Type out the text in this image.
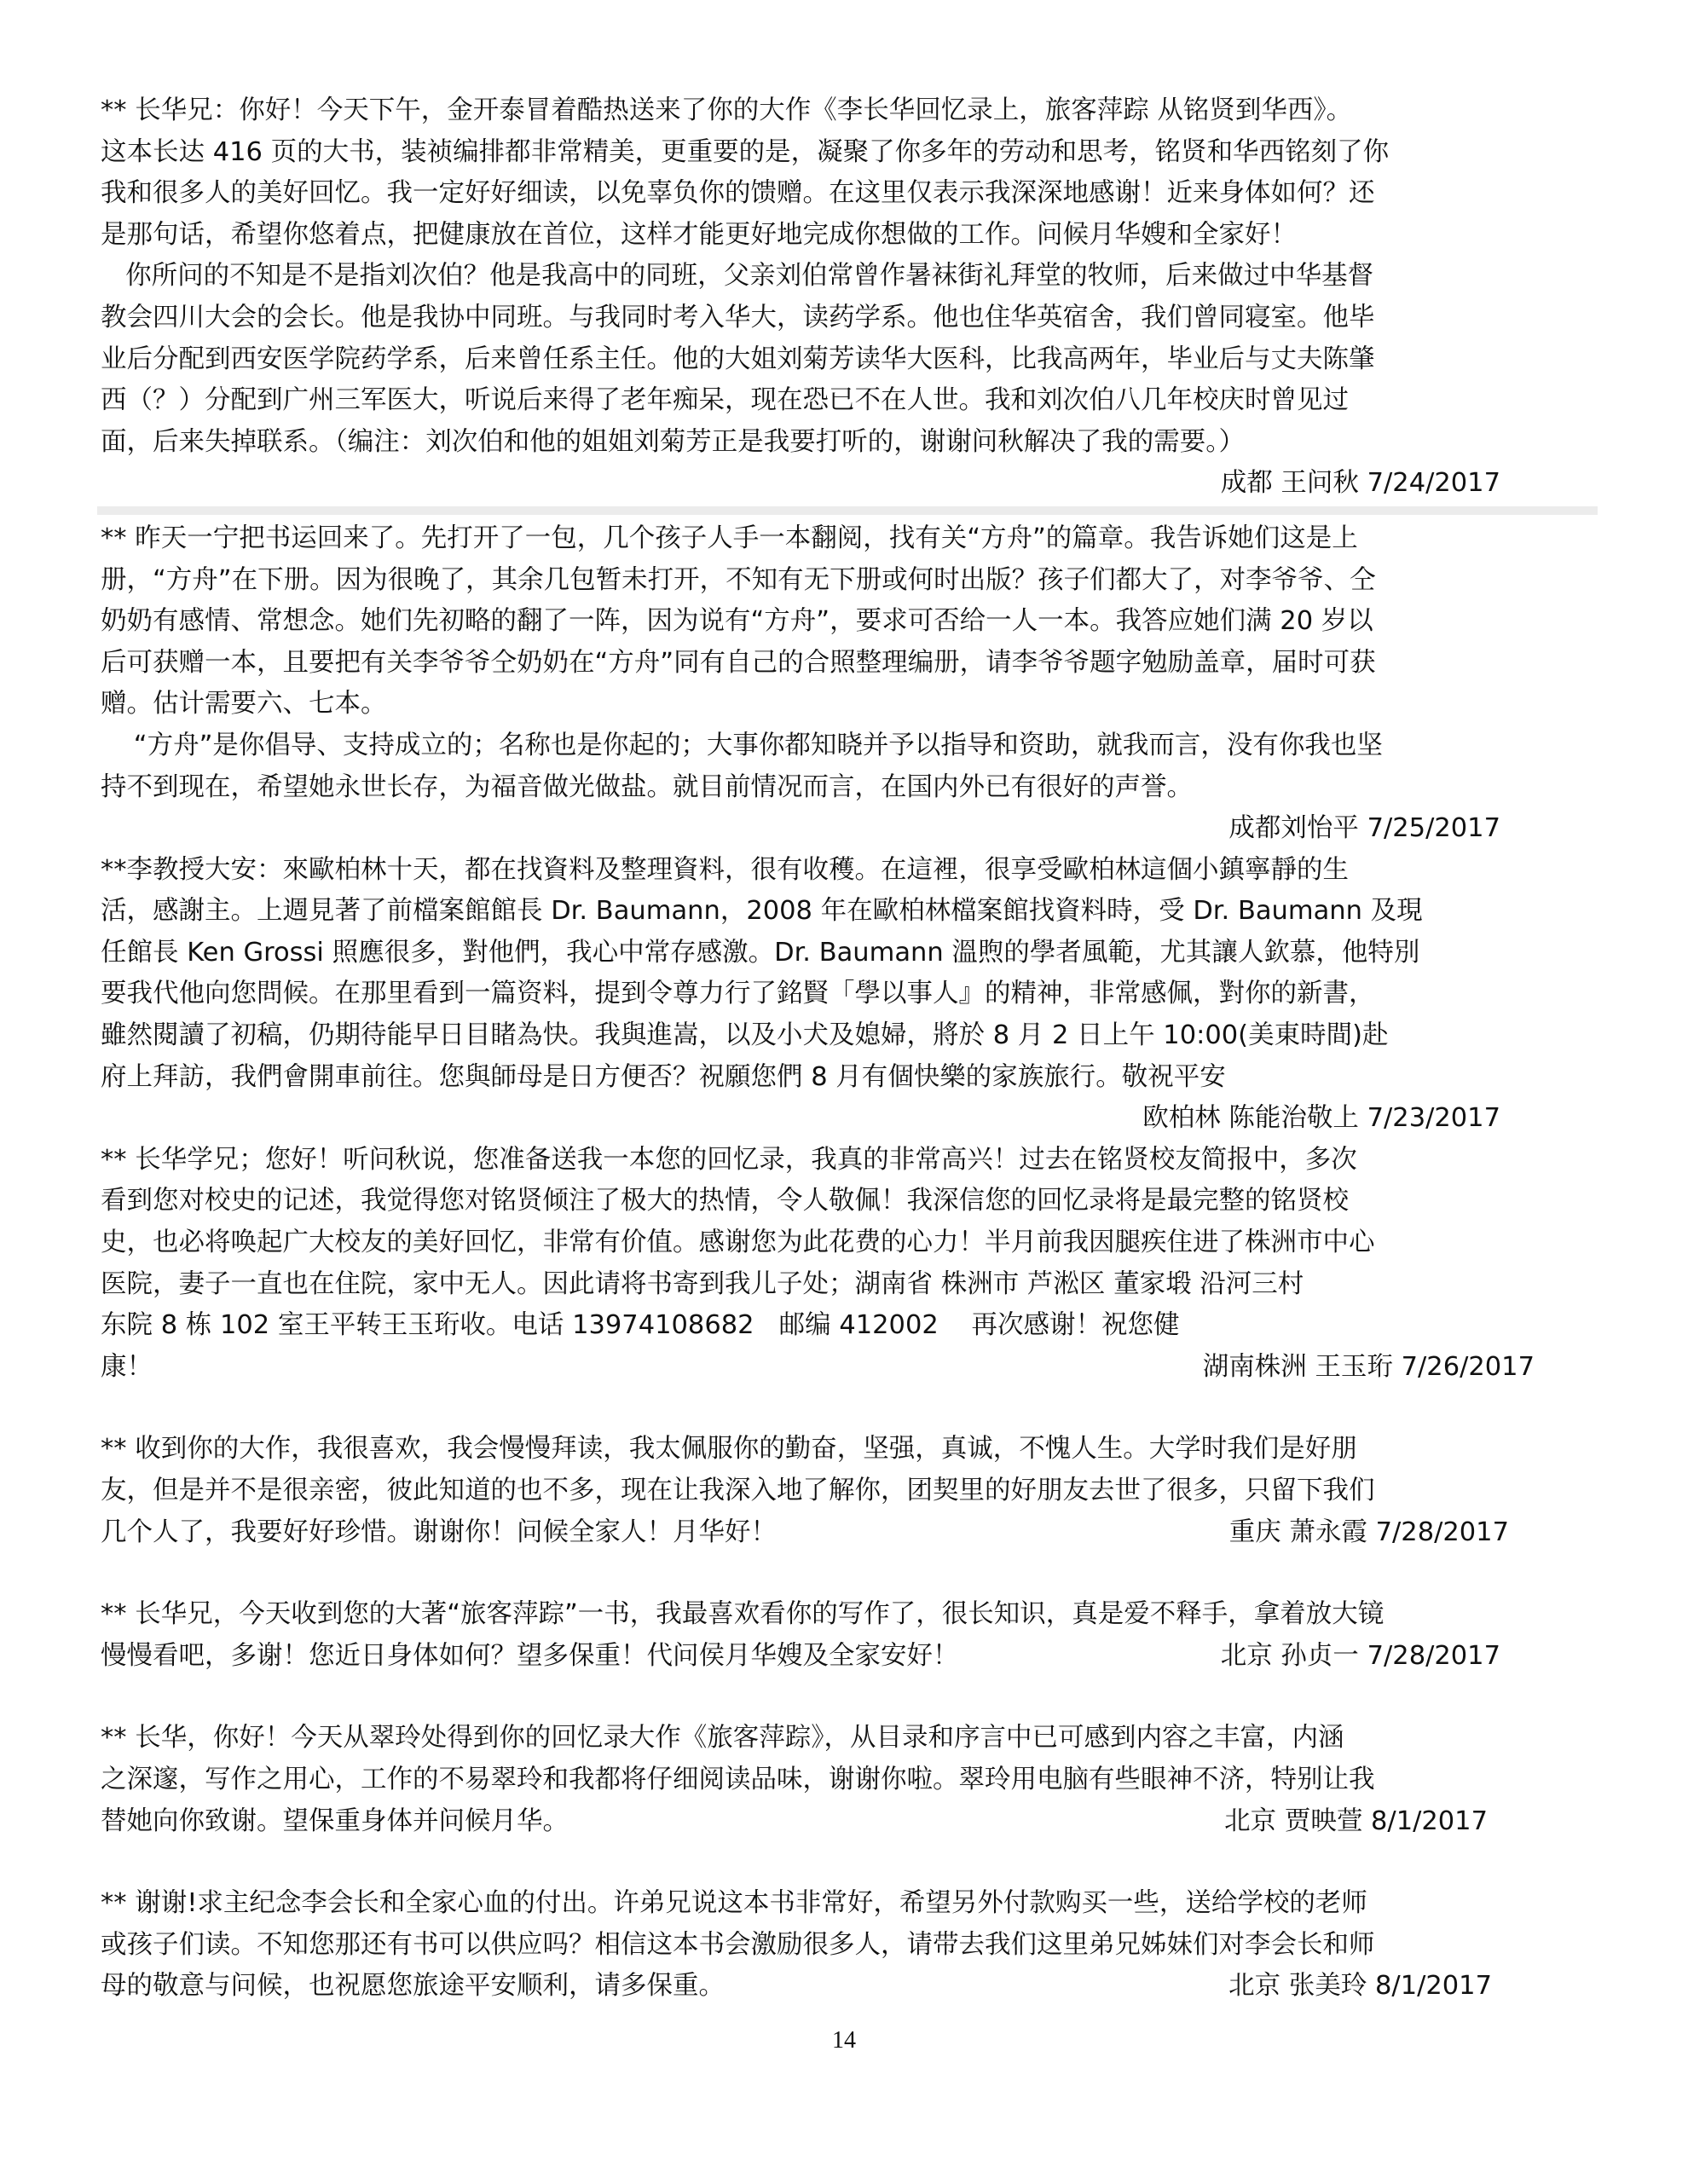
** 长华兄：你好！今天下午，金开泰冒着酷热送来了你的大作《李长华回忆录上，旅客萍踪 从铭贤到华西》。

这本长达 416 页的大书，装祯编排都非常精美，更重要的是，凝聚了你多年的劳动和思考，铭贤和华西铭刻了你

我和很多人的美好回忆。我一定好好细读，以免辜负你的馈赠。在这里仅表示我深深地感谢！近来身体如何？还

是那句话，希望你悠着点，把健康放在首位，这样才能更好地完成你想做的工作。问候月华嫂和全家好！

你所问的不知是不是指刘次伯？他是我高中的同班，父亲刘伯常曾作暑袜街礼拜堂的牧师，后来做过中华基督

教会四川大会的会长。他是我协中同班。与我同时考入华大，读药学系。他也住华英宿舍，我们曾同寝室。他毕

业后分配到西安医学院药学系，后来曾任系主任。他的大姐刘菊芳读华大医科，比我高两年，毕业后与丈夫陈肇

西（？）分配到广州三军医大，听说后来得了老年痴呆，现在恐已不在人世。我和刘次伯八几年校庆时曾见过

面，后来失掉联系。（编注：刘次伯和他的姐姐刘菊芳正是我要打听的，谢谢问秋解决了我的需要。）

成都 王问秋 7/24/2017

** 昨天一宁把书运回来了。先打开了一包，几个孩子人手一本翻阅，找有关“方舟”的篇章。我告诉她们这是上

册，“方舟”在下册。因为很晚了，其余几包暂未打开，不知有无下册或何时出版？孩子们都大了，对李爷爷、仝

奶奶有感情、常想念。她们先初略的翻了一阵，因为说有“方舟”，要求可否给一人一本。我答应她们满 20 岁以

后可获赠一本，且要把有关李爷爷仝奶奶在“方舟”同有自己的合照整理编册，请李爷爷题字勉励盖章，届时可获

赠。估计需要六、七本。

“方舟”是你倡导、支持成立的；名称也是你起的；大事你都知晓并予以指导和资助，就我而言，没有你我也坚

持不到现在，希望她永世长存，为福音做光做盐。就目前情况而言，在国内外已有很好的声誉。

成都刘怡平 7/25/2017

**李教授大安：來歐柏林十天，都在找資料及整理資料，很有收穫。在這裡，很享受歐柏林這個小鎮寧靜的生

活，感謝主。上週見著了前檔案館館長 Dr. Baumann，2008 年在歐柏林檔案館找資料時，受 Dr. Baumann 及現

任館長 Ken Grossi 照應很多，對他們，我心中常存感激。Dr. Baumann 溫煦的學者風範，尤其讓人欽慕，他特別

要我代他向您問候。在那里看到一篇资料，提到令尊力行了銘賢「學以事人』的精神，非常感佩，對你的新書，

雖然閱讀了初稿，仍期待能早日目睹為快。我與進嵩，以及小犬及媳婦，將於 8 月 2 日上午 10:00(美東時間)赴

府上拜訪，我們會開車前往。您與師母是日方便否？祝願您們 8 月有個快樂的家族旅行。敬祝平安

欧柏林 陈能治敬上 7/23/2017

** 长华学兄；您好！听问秋说，您准备送我一本您的回忆录，我真的非常高兴！过去在铭贤校友简报中，多次

看到您对校史的记述，我觉得您对铭贤倾注了极大的热情，令人敬佩！我深信您的回忆录将是最完整的铭贤校

史，也必将唤起广大校友的美好回忆，非常有价值。感谢您为此花费的心力！半月前我因腿疾住进了株洲市中心

医院，妻子一直也在住院，家中无人。因此请将书寄到我儿子处；湖南省 株洲市 芦淞区 董家塅 沿河三村

东院 8 栋 102 室王平转王玉珩收。电话 13974108682   邮编 412002    再次感谢！祝您健

康！	湖南株洲 王玉珩 7/26/2017

** 收到你的大作，我很喜欢，我会慢慢拜读，我太佩服你的勤奋，坚强，真诚，不愧人生。大学时我们是好朋

友，但是并不是很亲密，彼此知道的也不多，现在让我深入地了解你，团契里的好朋友去世了很多，只留下我们

几个人了，我要好好珍惜。谢谢你！问候全家人！月华好！	重庆 萧永霞 7/28/2017

** 长华兄，今天收到您的大著“旅客萍踪”一书，我最喜欢看你的写作了，很长知识，真是爱不释手，拿着放大镜

慢慢看吧，多谢！您近日身体如何？望多保重！代问侯月华嫂及全家安好！	北京 孙贞一 7/28/2017

** 长华，你好！今天从翠玲处得到你的回忆录大作《旅客萍踪》，从目录和序言中已可感到内容之丰富，内涵

之深邃，写作之用心，工作的不易翠玲和我都将仔细阅读品味，谢谢你啦。翠玲用电脑有些眼神不济，特别让我

替她向你致谢。望保重身体并问候月华。	北京 贾映萱 8/1/2017

** 谢谢!求主纪念李会长和全家心血的付出。许弟兄说这本书非常好，希望另外付款购买一些，送给学校的老师

或孩子们读。不知您那还有书可以供应吗？相信这本书会激励很多人，请带去我们这里弟兄姊妹们对李会长和师

母的敬意与问候，也祝愿您旅途平安顺利，请多保重。	北京 张美玲 8/1/2017
14
